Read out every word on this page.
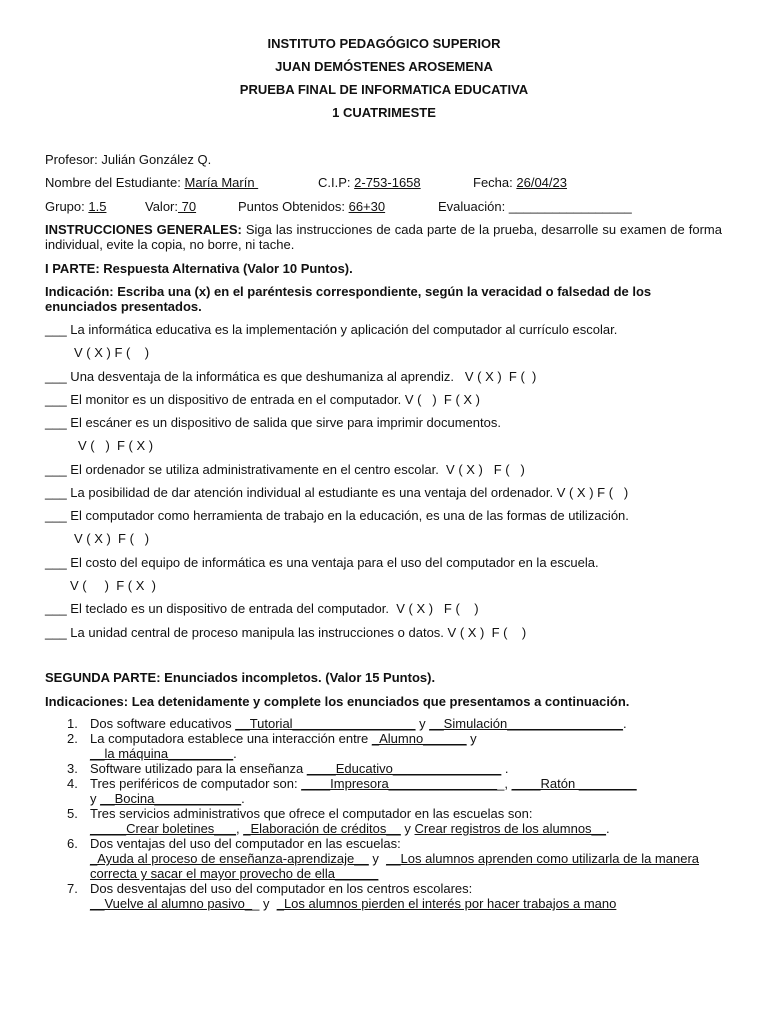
INSTITUTO PEDAGÓGICO SUPERIOR
JUAN DEMÓSTENES AROSEMENA
PRUEBA FINAL DE INFORMATICA EDUCATIVA
1 CUATRIMESTE
Profesor: Julián González Q.
Nombre del Estudiante: María Marín	C.I.P: 2-753-1658	Fecha: 26/04/23
Grupo: 1.5	Valor: 70	Puntos Obtenidos: 66+30	Evaluación: _________________
INSTRUCCIONES GENERALES: Siga las instrucciones de cada parte de la prueba, desarrolle su examen de forma individual, evite la copia, no borre, ni tache.
I PARTE: Respuesta Alternativa (Valor 10 Puntos).
Indicación: Escriba una (x) en el paréntesis correspondiente, según la veracidad o falsedad de los enunciados presentados.
___ La informática educativa es la implementación y aplicación del computador al currículo escolar.
V ( X ) F (    )
___ Una desventaja de la informática es que deshumaniza al aprendiz.   V ( X )  F (  )
___ El monitor es un dispositivo de entrada en el computador. V (   )  F ( X )
___ El escáner es un dispositivo de salida que sirve para imprimir documentos.
V (   )  F ( X )
___ El ordenador se utiliza administrativamente en el centro escolar.  V ( X )   F (   )
___ La posibilidad de dar atención individual al estudiante es una ventaja del ordenador. V ( X ) F (   )
___ El computador como herramienta de trabajo en la educación, es una de las formas de utilización.
V ( X )  F (   )
___ El costo del equipo de informática es una ventaja para el uso del computador en la escuela.
V (     )  F ( X  )
___ El teclado es un dispositivo de entrada del computador.  V ( X )   F (    )
___ La unidad central de proceso manipula las instrucciones o datos. V ( X )  F (    )
SEGUNDA PARTE: Enunciados incompletos. (Valor 15 Puntos).
Indicaciones: Lea detenidamente y complete los enunciados que presentamos a continuación.
1. Dos software educativos __Tutorial_________________ y __Simulación________________.
2. La computadora establece una interacción entre _Alumno______ y
__la máquina_________.
3. Software utilizado para la enseñanza ____Educativo_______________ .
4. Tres periféricos de computador son: ____Impresora________________, ____Ratón ________
y __Bocina____________.
5. Tres servicios administrativos que ofrece el computador en las escuelas son:
_____Crear boletines___, _Elaboración de créditos__ y Crear registros de los alumnos__.
6. Dos ventajas del uso del computador en las escuelas:
_Ayuda al proceso de enseñanza-aprendizaje__ y  __Los alumnos aprenden como utilizarla de la manera correcta y sacar el mayor provecho de ella______
7. Dos desventajas del uso del computador en los centros escolares:
__Vuelve al alumno pasivo__ y  _Los alumnos pierden el interés por hacer trabajos a mano
